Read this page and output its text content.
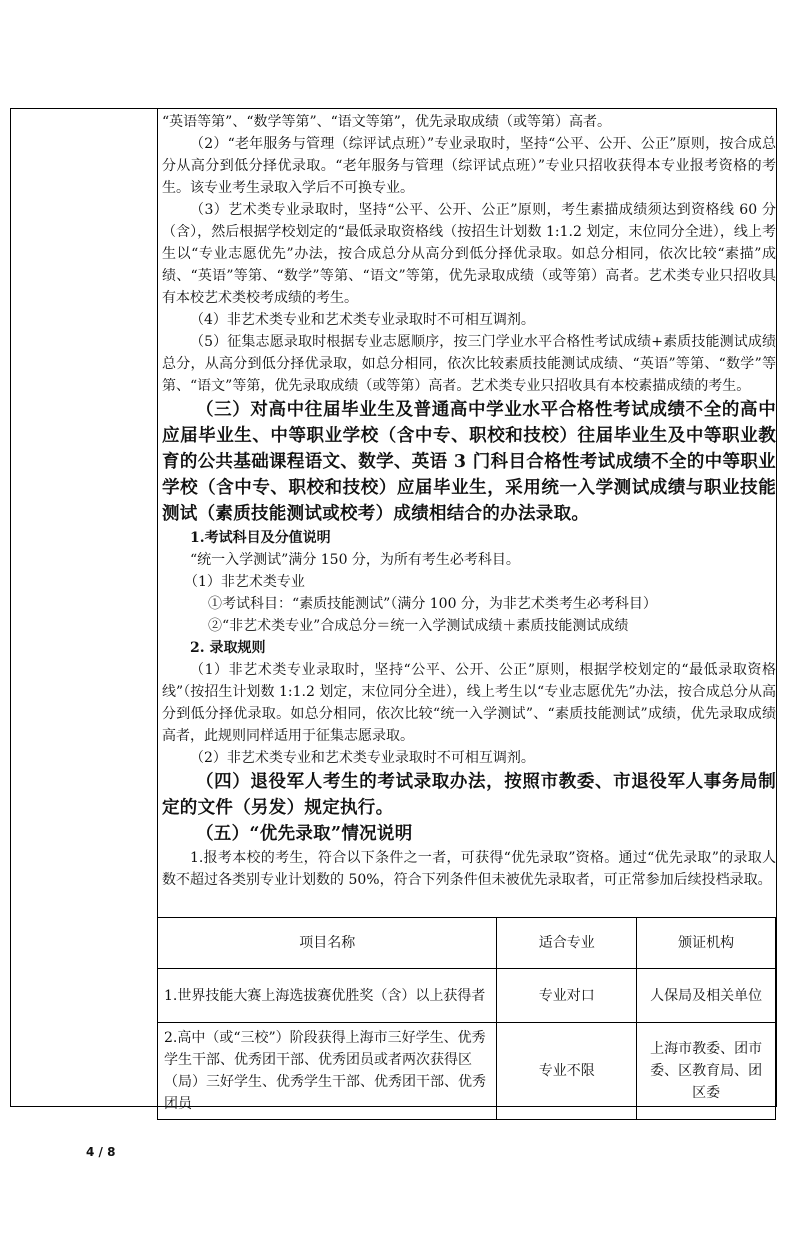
“英语等第”、“数学等第”、“语文等第”，优先录取成绩（或等第）高者。

（2）“老年服务与管理（综评试点班）”专业录取时，坚持“公平、公开、公正”原则，按合成总分从高分到低分择优录取。“老年服务与管理（综评试点班）”专业只招收获得本专业报考资格的考生。该专业考生录取入学后不可换专业。

（3）艺术类专业录取时，坚持“公平、公开、公正”原则，考生素描成绩须达到资格线 60 分（含），然后根据学校划定的“最低录取资格线（按招生计划数 1:1.2 划定，末位同分全进），线上考生以“专业志愿优先”办法，按合成总分从高分到低分择优录取。如总分相同，依次比较“素描”成绩、“英语”等第、“数学”等第、“语文”等第，优先录取成绩（或等第）高者。艺术类专业只招收具有本校艺术类校考成绩的考生。

（4）非艺术类专业和艺术类专业录取时不可相互调剂。

（5）征集志愿录取时根据专业志愿顺序，按三门学业水平合格性考试成绩+素质技能测试成绩总分，从高分到低分择优录取，如总分相同，依次比较素质技能测试成绩、“英语”等第、“数学”等第、“语文”等第，优先录取成绩（或等第）高者。艺术类专业只招收具有本校素描成绩的考生。

（三）对高中往届毕业生及普通高中学业水平合格性考试成绩不全的高中应届毕业生、中等职业学校（含中专、职校和技校）往届毕业生及中等职业教育的公共基础课程语文、数学、英语 3 门科目合格性考试成绩不全的中等职业学校（含中专、职校和技校）应届毕业生，采用统一入学测试成绩与职业技能测试（素质技能测试或校考）成绩相结合的办法录取。

1.考试科目及分值说明

“统一入学测试”满分 150 分，为所有考生必考科目。

（1）非艺术类专业

①考试科目：“素质技能测试”（满分 100 分，为非艺术类考生必考科目）

②“非艺术类专业”合成总分＝统一入学测试成绩＋素质技能测试成绩

2. 录取规则

（1）非艺术类专业录取时，坚持“公平、公开、公正”原则，根据学校划定的“最低录取资格线”（按招生计划数 1:1.2 划定，末位同分全进），线上考生以“专业志愿优先”办法，按合成总分从高分到低分择优录取。如总分相同，依次比较“统一入学测试”、“素质技能测试”成绩，优先录取成绩高者，此规则同样适用于征集志愿录取。

（2）非艺术类专业和艺术类专业录取时不可相互调剂。

（四）退役军人考生的考试录取办法，按照市教委、市退役军人事务局制定的文件（另发）规定执行。

（五）“优先录取”情况说明

1.报考本校的考生，符合以下条件之一者，可获得“优先录取”资格。通过“优先录取”的录取人数不超过各类别专业计划数的 50%，符合下列条件但未被优先录取者，可正常参加后续投档录取。

项目名称	适合专业	颁证机构
1.世界技能大赛上海选拔赛优胜奖（含）以上获得者	专业对口	人保局及相关单位
2.高中（或“三校”）阶段获得上海市三好学生、优秀学生干部、优秀团干部、优秀团员或者两次获得区（局）三好学生、优秀学生干部、优秀团干部、优秀团员	专业不限	上海市教委、团市委、区教育局、团区委
4 / 8
